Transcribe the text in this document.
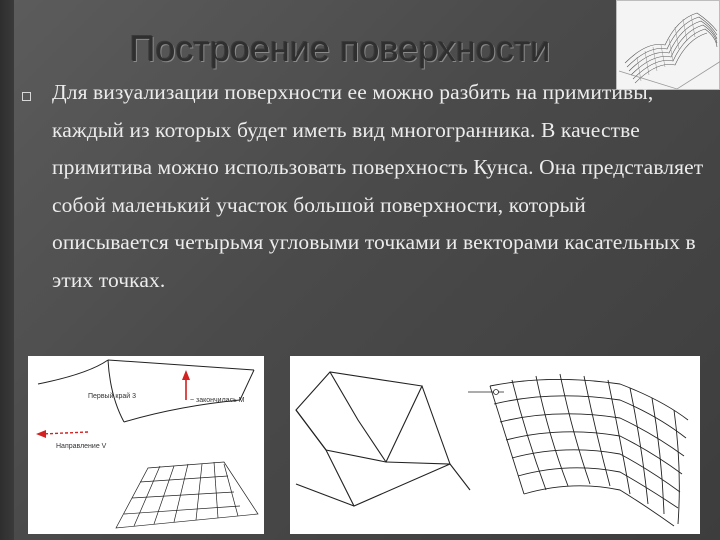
Построение поверхности
Для визуализации поверхности ее можно разбить на примитивы, каждый из которых будет иметь вид многогранника. В качестве примитива можно использовать поверхность Кунса. Она представляет собой маленький участок большой поверхности, который описывается четырьмя угловыми точками и векторами касательных в этих точках.
Первый край 3
Направление V
~ закончилась М
